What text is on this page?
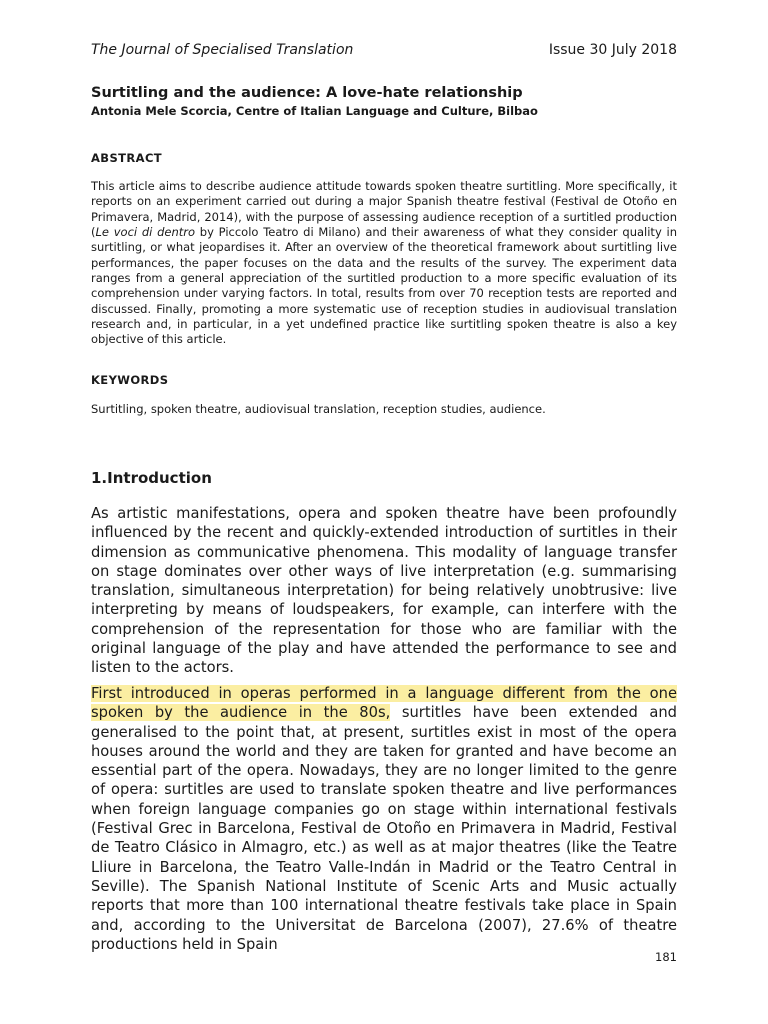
The Journal of Specialised Translation	Issue 30 July 2018
Surtitling and the audience: A love-hate relationship
Antonia Mele Scorcia, Centre of Italian Language and Culture, Bilbao
ABSTRACT
This article aims to describe audience attitude towards spoken theatre surtitling. More specifically, it reports on an experiment carried out during a major Spanish theatre festival (Festival de Otoño en Primavera, Madrid, 2014), with the purpose of assessing audience reception of a surtitled production (Le voci di dentro by Piccolo Teatro di Milano) and their awareness of what they consider quality in surtitling, or what jeopardises it. After an overview of the theoretical framework about surtitling live performances, the paper focuses on the data and the results of the survey. The experiment data ranges from a general appreciation of the surtitled production to a more specific evaluation of its comprehension under varying factors. In total, results from over 70 reception tests are reported and discussed. Finally, promoting a more systematic use of reception studies in audiovisual translation research and, in particular, in a yet undefined practice like surtitling spoken theatre is also a key objective of this article.
KEYWORDS
Surtitling, spoken theatre, audiovisual translation, reception studies, audience.
1.Introduction
As artistic manifestations, opera and spoken theatre have been profoundly influenced by the recent and quickly-extended introduction of surtitles in their dimension as communicative phenomena. This modality of language transfer on stage dominates over other ways of live interpretation (e.g. summarising translation, simultaneous interpretation) for being relatively unobtrusive: live interpreting by means of loudspeakers, for example, can interfere with the comprehension of the representation for those who are familiar with the original language of the play and have attended the performance to see and listen to the actors.
First introduced in operas performed in a language different from the one spoken by the audience in the 80s, surtitles have been extended and generalised to the point that, at present, surtitles exist in most of the opera houses around the world and they are taken for granted and have become an essential part of the opera. Nowadays, they are no longer limited to the genre of opera: surtitles are used to translate spoken theatre and live performances when foreign language companies go on stage within international festivals (Festival Grec in Barcelona, Festival de Otoño en Primavera in Madrid, Festival de Teatro Clásico in Almagro, etc.) as well as at major theatres (like the Teatre Lliure in Barcelona, the Teatro Valle-Indán in Madrid or the Teatro Central in Seville). The Spanish National Institute of Scenic Arts and Music actually reports that more than 100 international theatre festivals take place in Spain and, according to the Universitat de Barcelona (2007), 27.6% of theatre productions held in Spain
181
